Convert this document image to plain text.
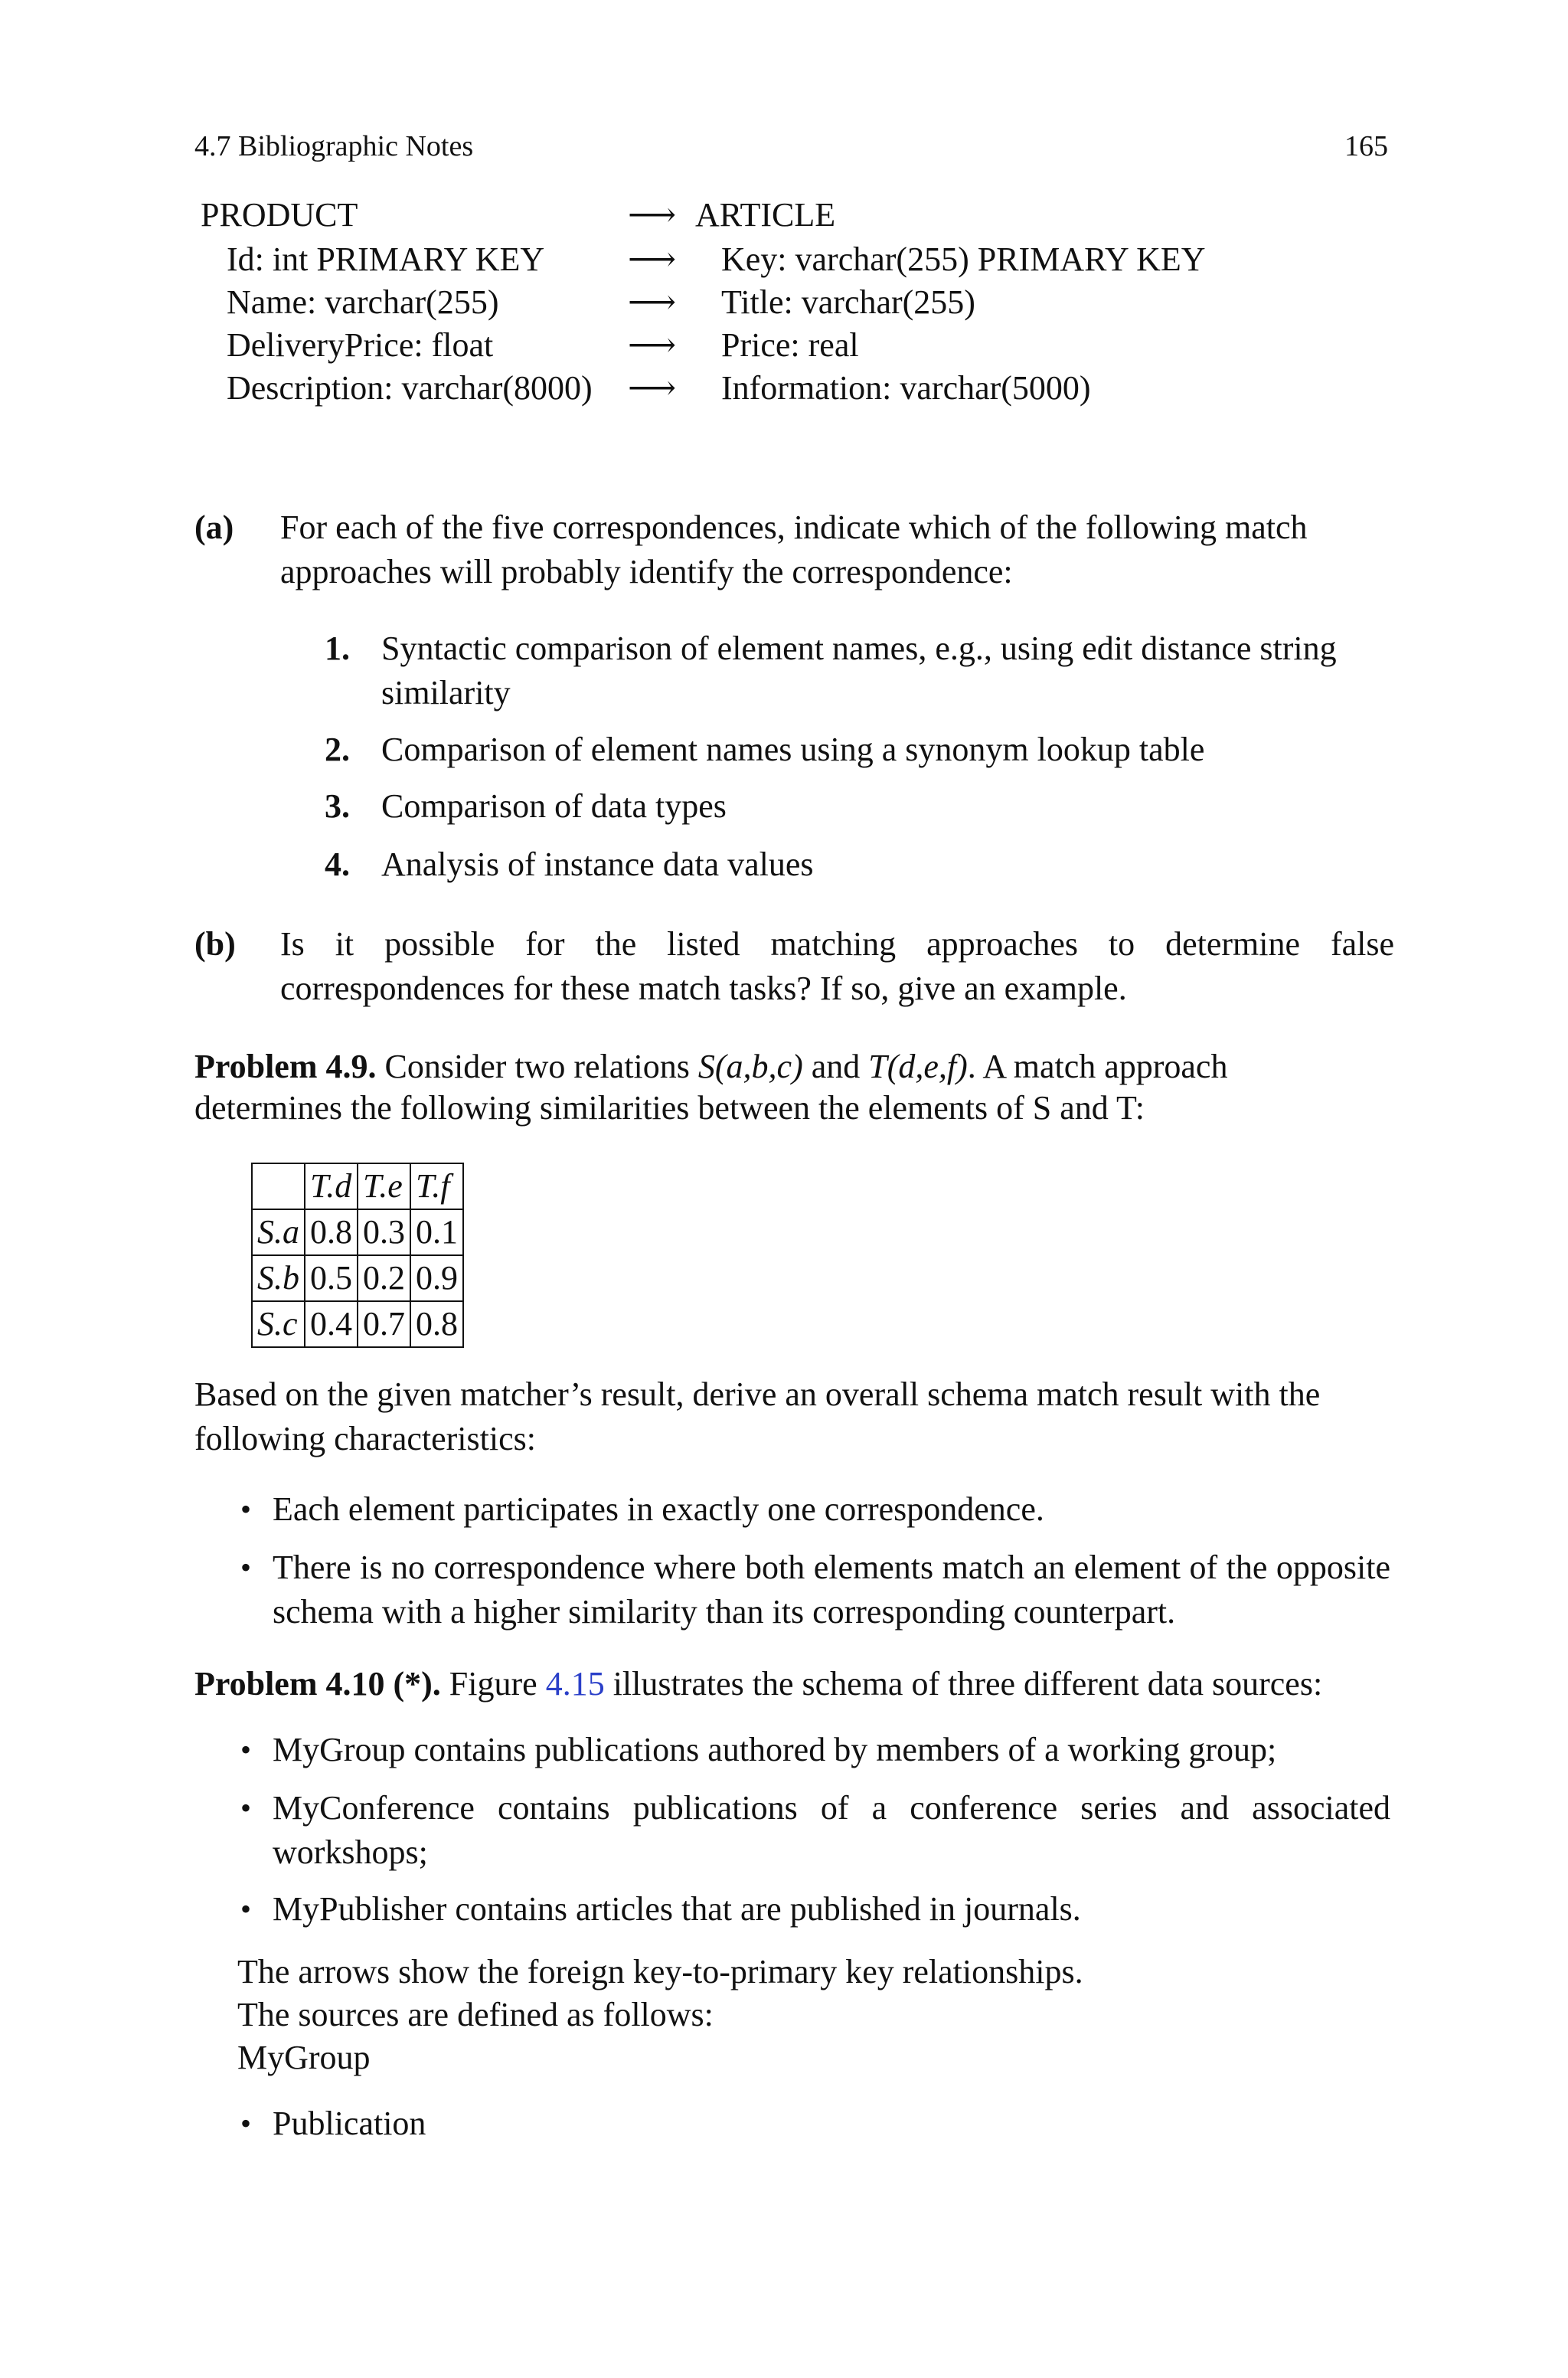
4.7 Bibliographic Notes	165
PRODUCT	⟶ ARTICLE
Id: int PRIMARY KEY ⟶ Key: varchar(255) PRIMARY KEY
Name: varchar(255)	⟶ Title: varchar(255)
DeliveryPrice: float	⟶ Price: real
Description: varchar(8000) ⟶ Information: varchar(5000)
(a) For each of the five correspondences, indicate which of the following match approaches will probably identify the correspondence:
1. Syntactic comparison of element names, e.g., using edit distance string similarity
2. Comparison of element names using a synonym lookup table
3. Comparison of data types
4. Analysis of instance data values
(b) Is it possible for the listed matching approaches to determine false correspondences for these match tasks? If so, give an example.
Problem 4.9. Consider two relations S(a,b,c) and T(d,e,f). A match approach
determines the following similarities between the elements of S and T:
	T.d	T.e	T.f
S.a	0.8	0.3	0.1
S.b	0.5	0.2	0.9
S.c	0.4	0.7	0.8
Based on the given matcher’s result, derive an overall schema match result with the following characteristics:
• Each element participates in exactly one correspondence.
• There is no correspondence where both elements match an element of the opposite schema with a higher similarity than its corresponding counterpart.
Problem 4.10 (*). Figure 4.15 illustrates the schema of three different data sources:
• MyGroup contains publications authored by members of a working group;
• MyConference contains publications of a conference series and associated workshops;
• MyPublisher contains articles that are published in journals.
The arrows show the foreign key-to-primary key relationships.
The sources are defined as follows:
MyGroup
• Publication
